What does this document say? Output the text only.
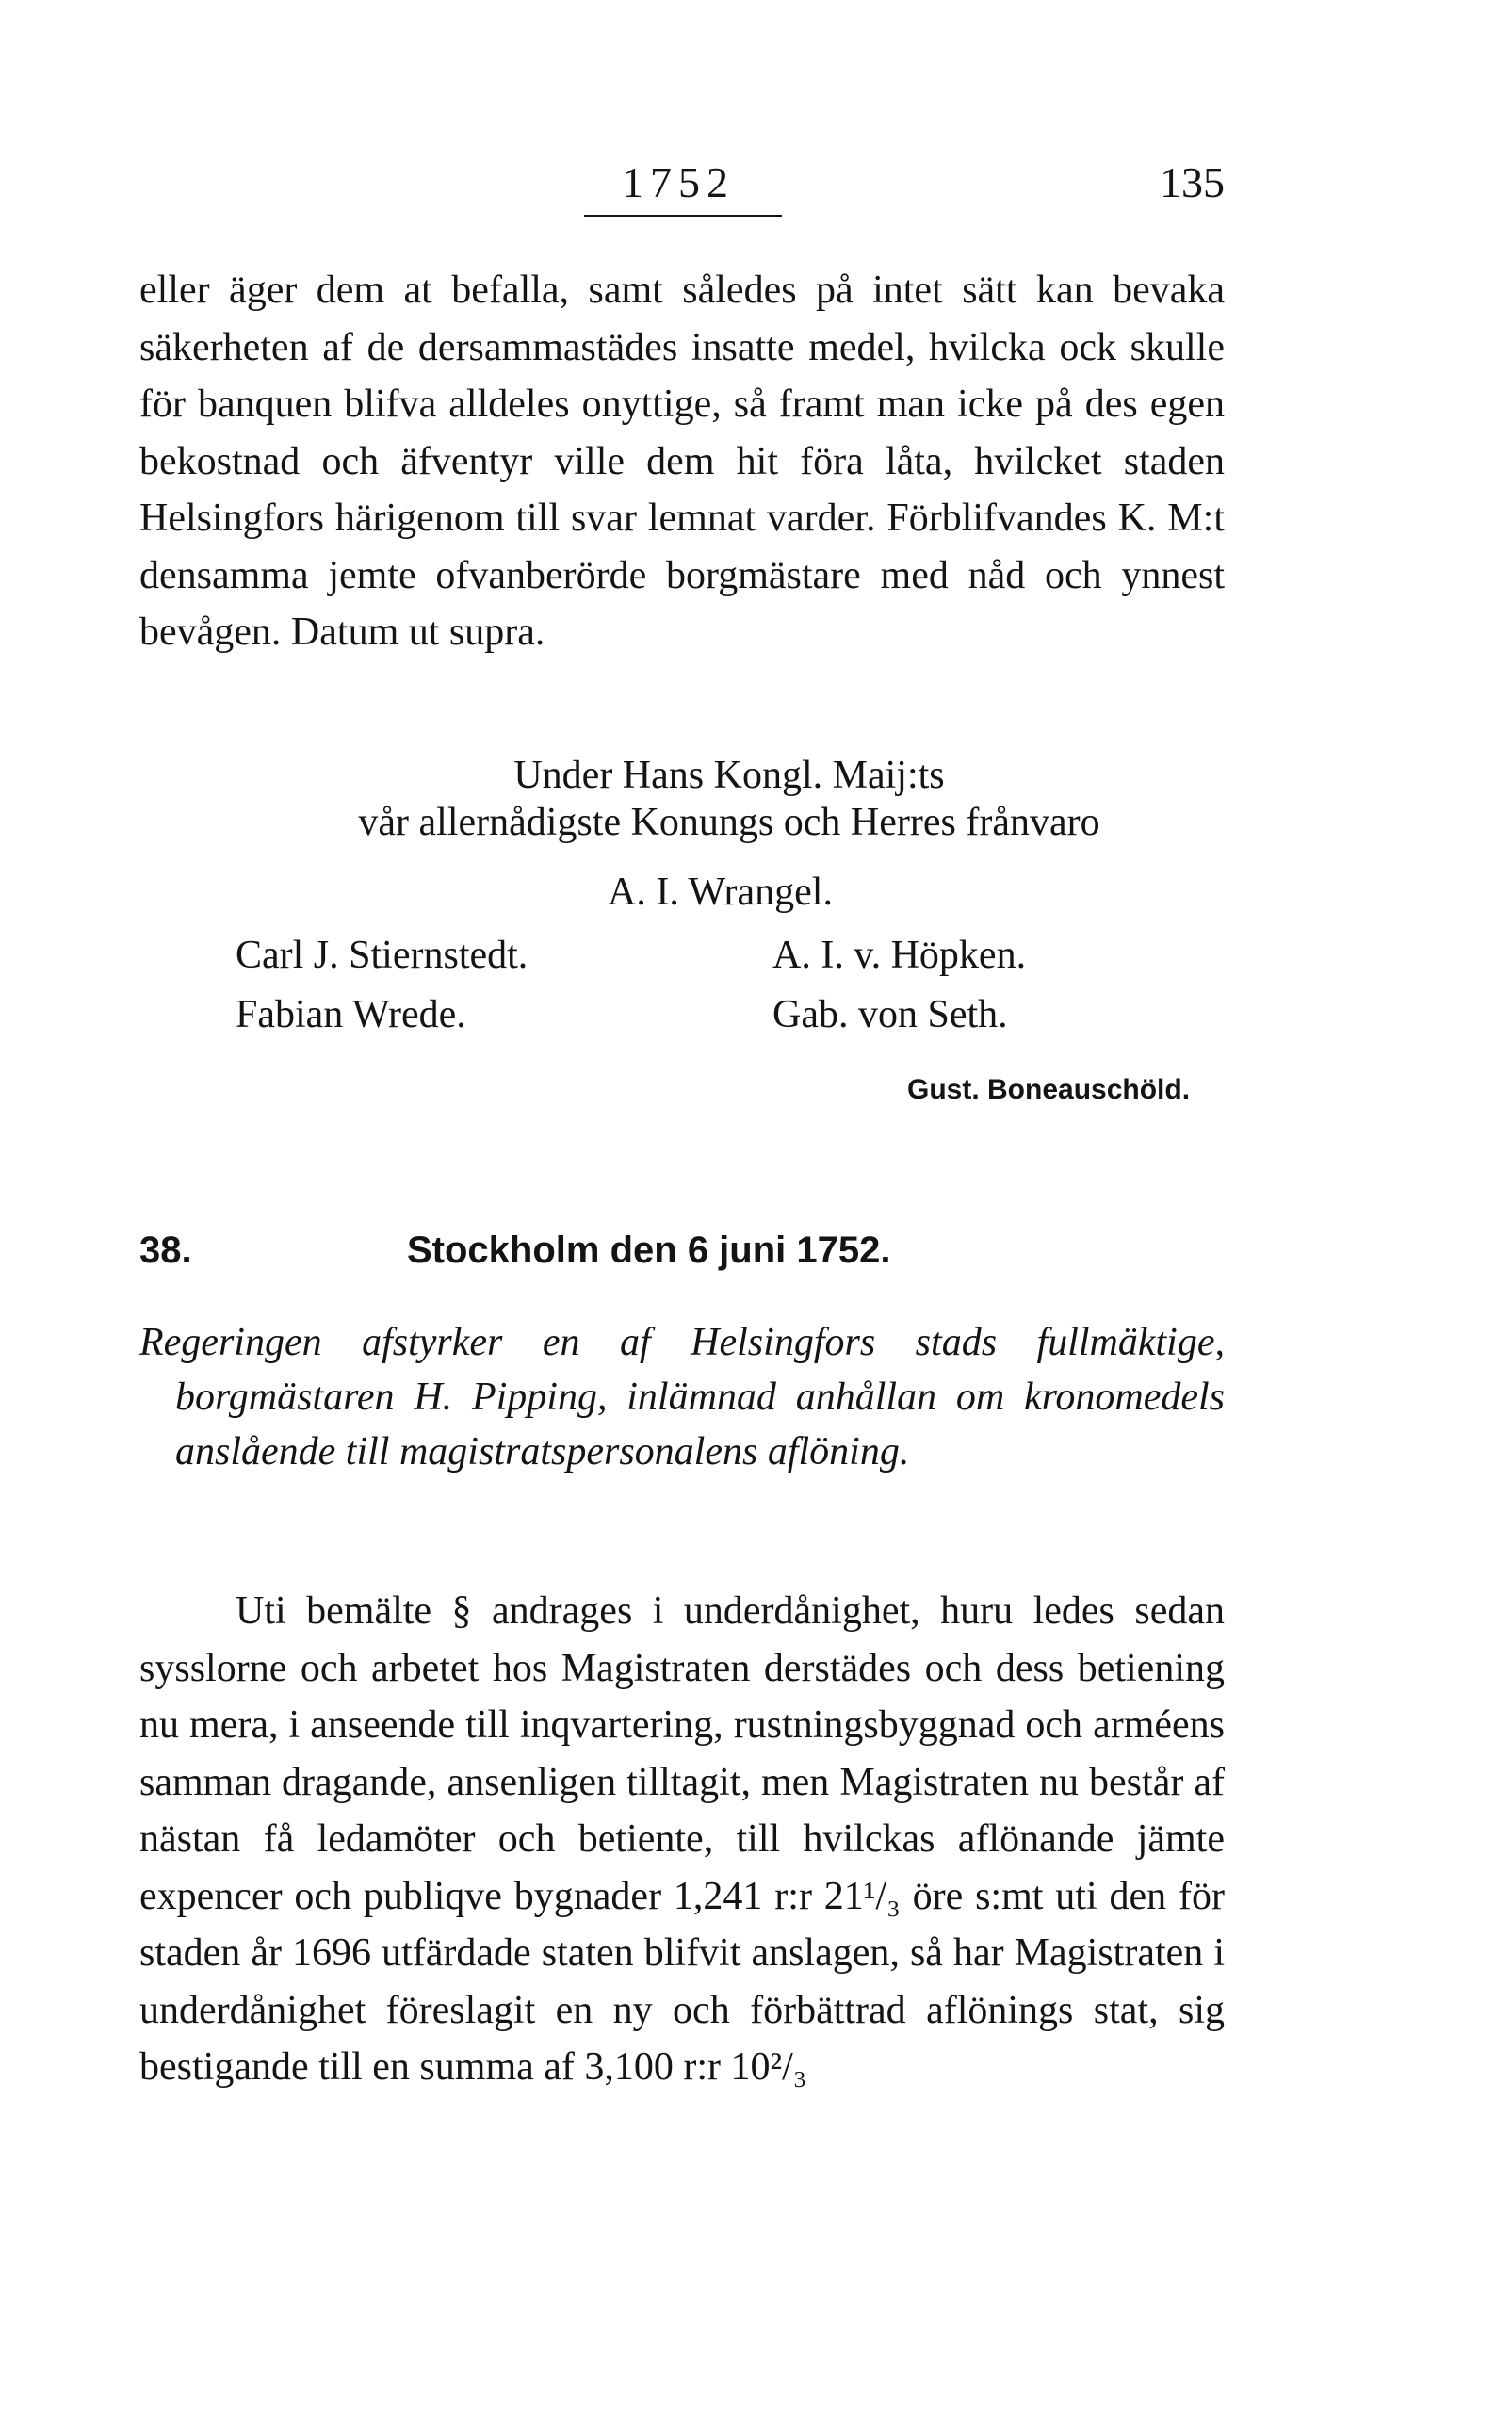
1752	135

eller äger dem at befalla, samt således på intet sätt kan bevaka säkerheten af de dersammastädes insatte medel, hvilcka ock skulle för banquen blifva alldeles onyttige, så framt man icke på des egen bekostnad och äfventyr ville dem hit föra låta, hvilcket staden Helsingfors härigenom till svar lemnat varder. Förblifvandes K. M:t densamma jemte ofvanberörde borgmästare med nåd och ynnest bevågen. Datum ut supra.

Under Hans Kongl. Maij:ts
vår allernådigste Konungs och Herres frånvaro
A. I. Wrangel.
Carl J. Stiernstedt.	A. I. v. Höpken.
Fabian Wrede.	Gab. von Seth.
Gust. Boneauschöld.
38.	Stockholm den 6 juni 1752.

Regeringen afstyrker en af Helsingfors stads fullmäktige, borgmästaren H. Pipping, inlämnad anhållan om kronomedels anslående till magistratspersonalens aflöning.

Uti bemälte § andrages i underdånighet, huru ledes sedan sysslorne och arbetet hos Magistraten derstädes och dess betiening nu mera, i anseende till inqvartering, rustningsbyggnad och arméens samman dragande, ansenligen tilltagit, men Magistraten nu består af nästan få ledamöter och betiente, till hvilckas aflönande jämte expencer och publiqve bygnader 1,241 r:r 21¹/₃ öre s:mt uti den för staden år 1696 utfärdade staten blifvit anslagen, så har Magistraten i underdånighet föreslagit en ny och förbättrad aflönings stat, sig bestigande till en summa af 3,100 r:r 10²/₃
